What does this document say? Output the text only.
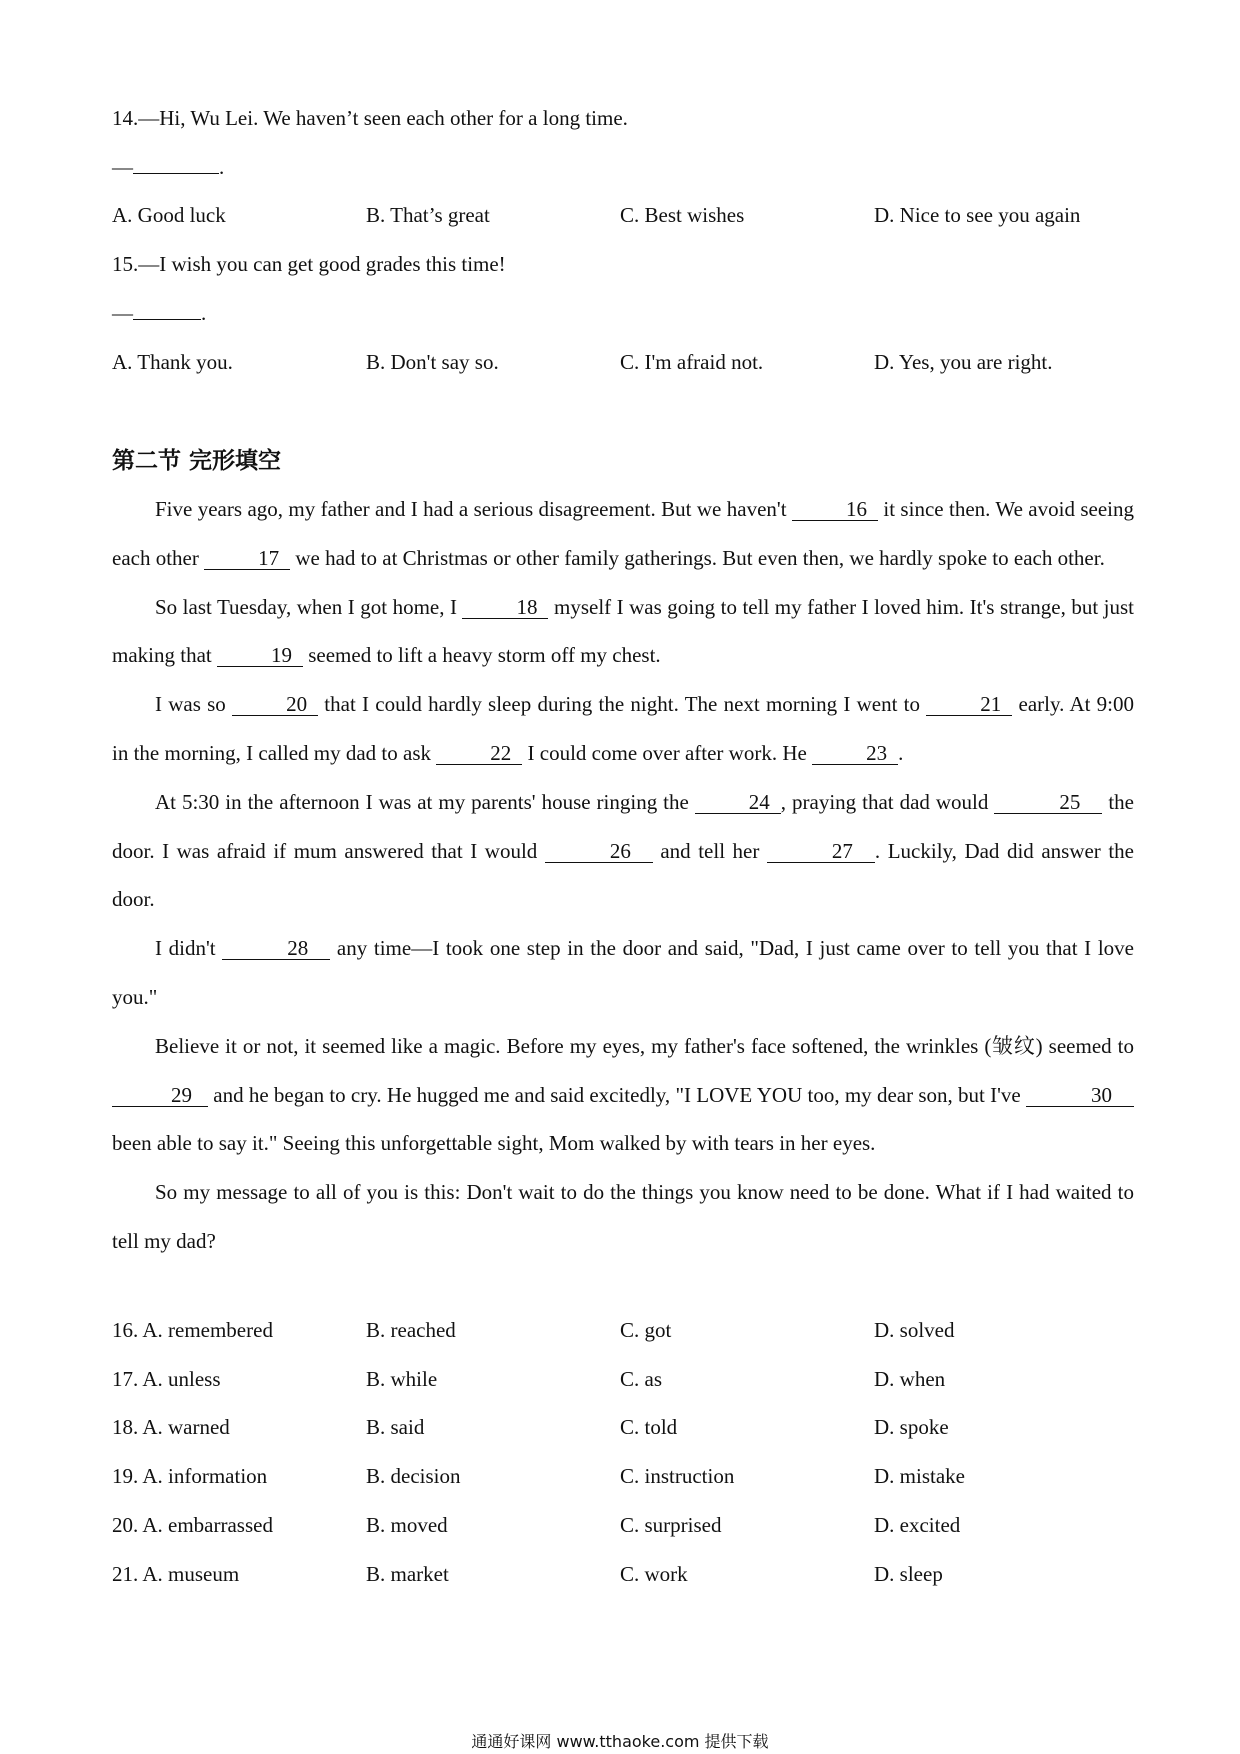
14.—Hi, Wu Lei. We haven’t seen each other for a long time.
—	.
A. Good luck	B. That’s great	C. Best wishes	D. Nice to see you again
15.—I wish you can get good grades this time!
—	.
A. Thank you.	B. Don't say so.	C. I'm afraid not.	D. Yes, you are right.
第二节 完形填空

Five years ago, my father and I had a serious disagreement. But we haven't	16 it since then. We avoid seeing each other	17 we had to at Christmas or other family gatherings. But even then, we hardly spoke to each other.

So last Tuesday, when I got home, I	18 myself I was going to tell my father I loved him. It's strange, but just making that	19 seemed to lift a heavy storm off my chest.

I was so	20 that I could hardly sleep during the night. The next morning I went to	21 early. At 9:00 in the morning, I called my dad to ask	22 I could come over after work. He	23 .

At 5:30 in the afternoon I was at my parents' house ringing the	24 , praying that dad would	25 the door. I was afraid if mum answered that I would	26 and tell her	27 . Luckily, Dad did answer the door.

I didn't	28 any time—I took one step in the door and said, "Dad, I just came over to tell you that I love you."

Believe it or not, it seemed like a magic. Before my eyes, my father's face softened, the wrinkles (皱纹) seemed to 29 and he began to cry. He hugged me and said excitedly, "I LOVE YOU too, my dear son, but I've	30 been able to say it." Seeing this unforgettable sight, Mom walked by with tears in her eyes.

So my message to all of you is this: Don't wait to do the things you know need to be done. What if I had waited to tell my dad?

16. A. remembered	B. reached	C. got	D. solved
17. A. unless	B. while	C. as	D. when
18. A. warned	B. said	C. told	D. spoke
19. A. information	B. decision	C. instruction	D. mistake
20. A. embarrassed	B. moved	C. surprised	D. excited
21. A. museum	B. market	C. work	D. sleep
通通好课网 www.tthaoke.com 提供下载
